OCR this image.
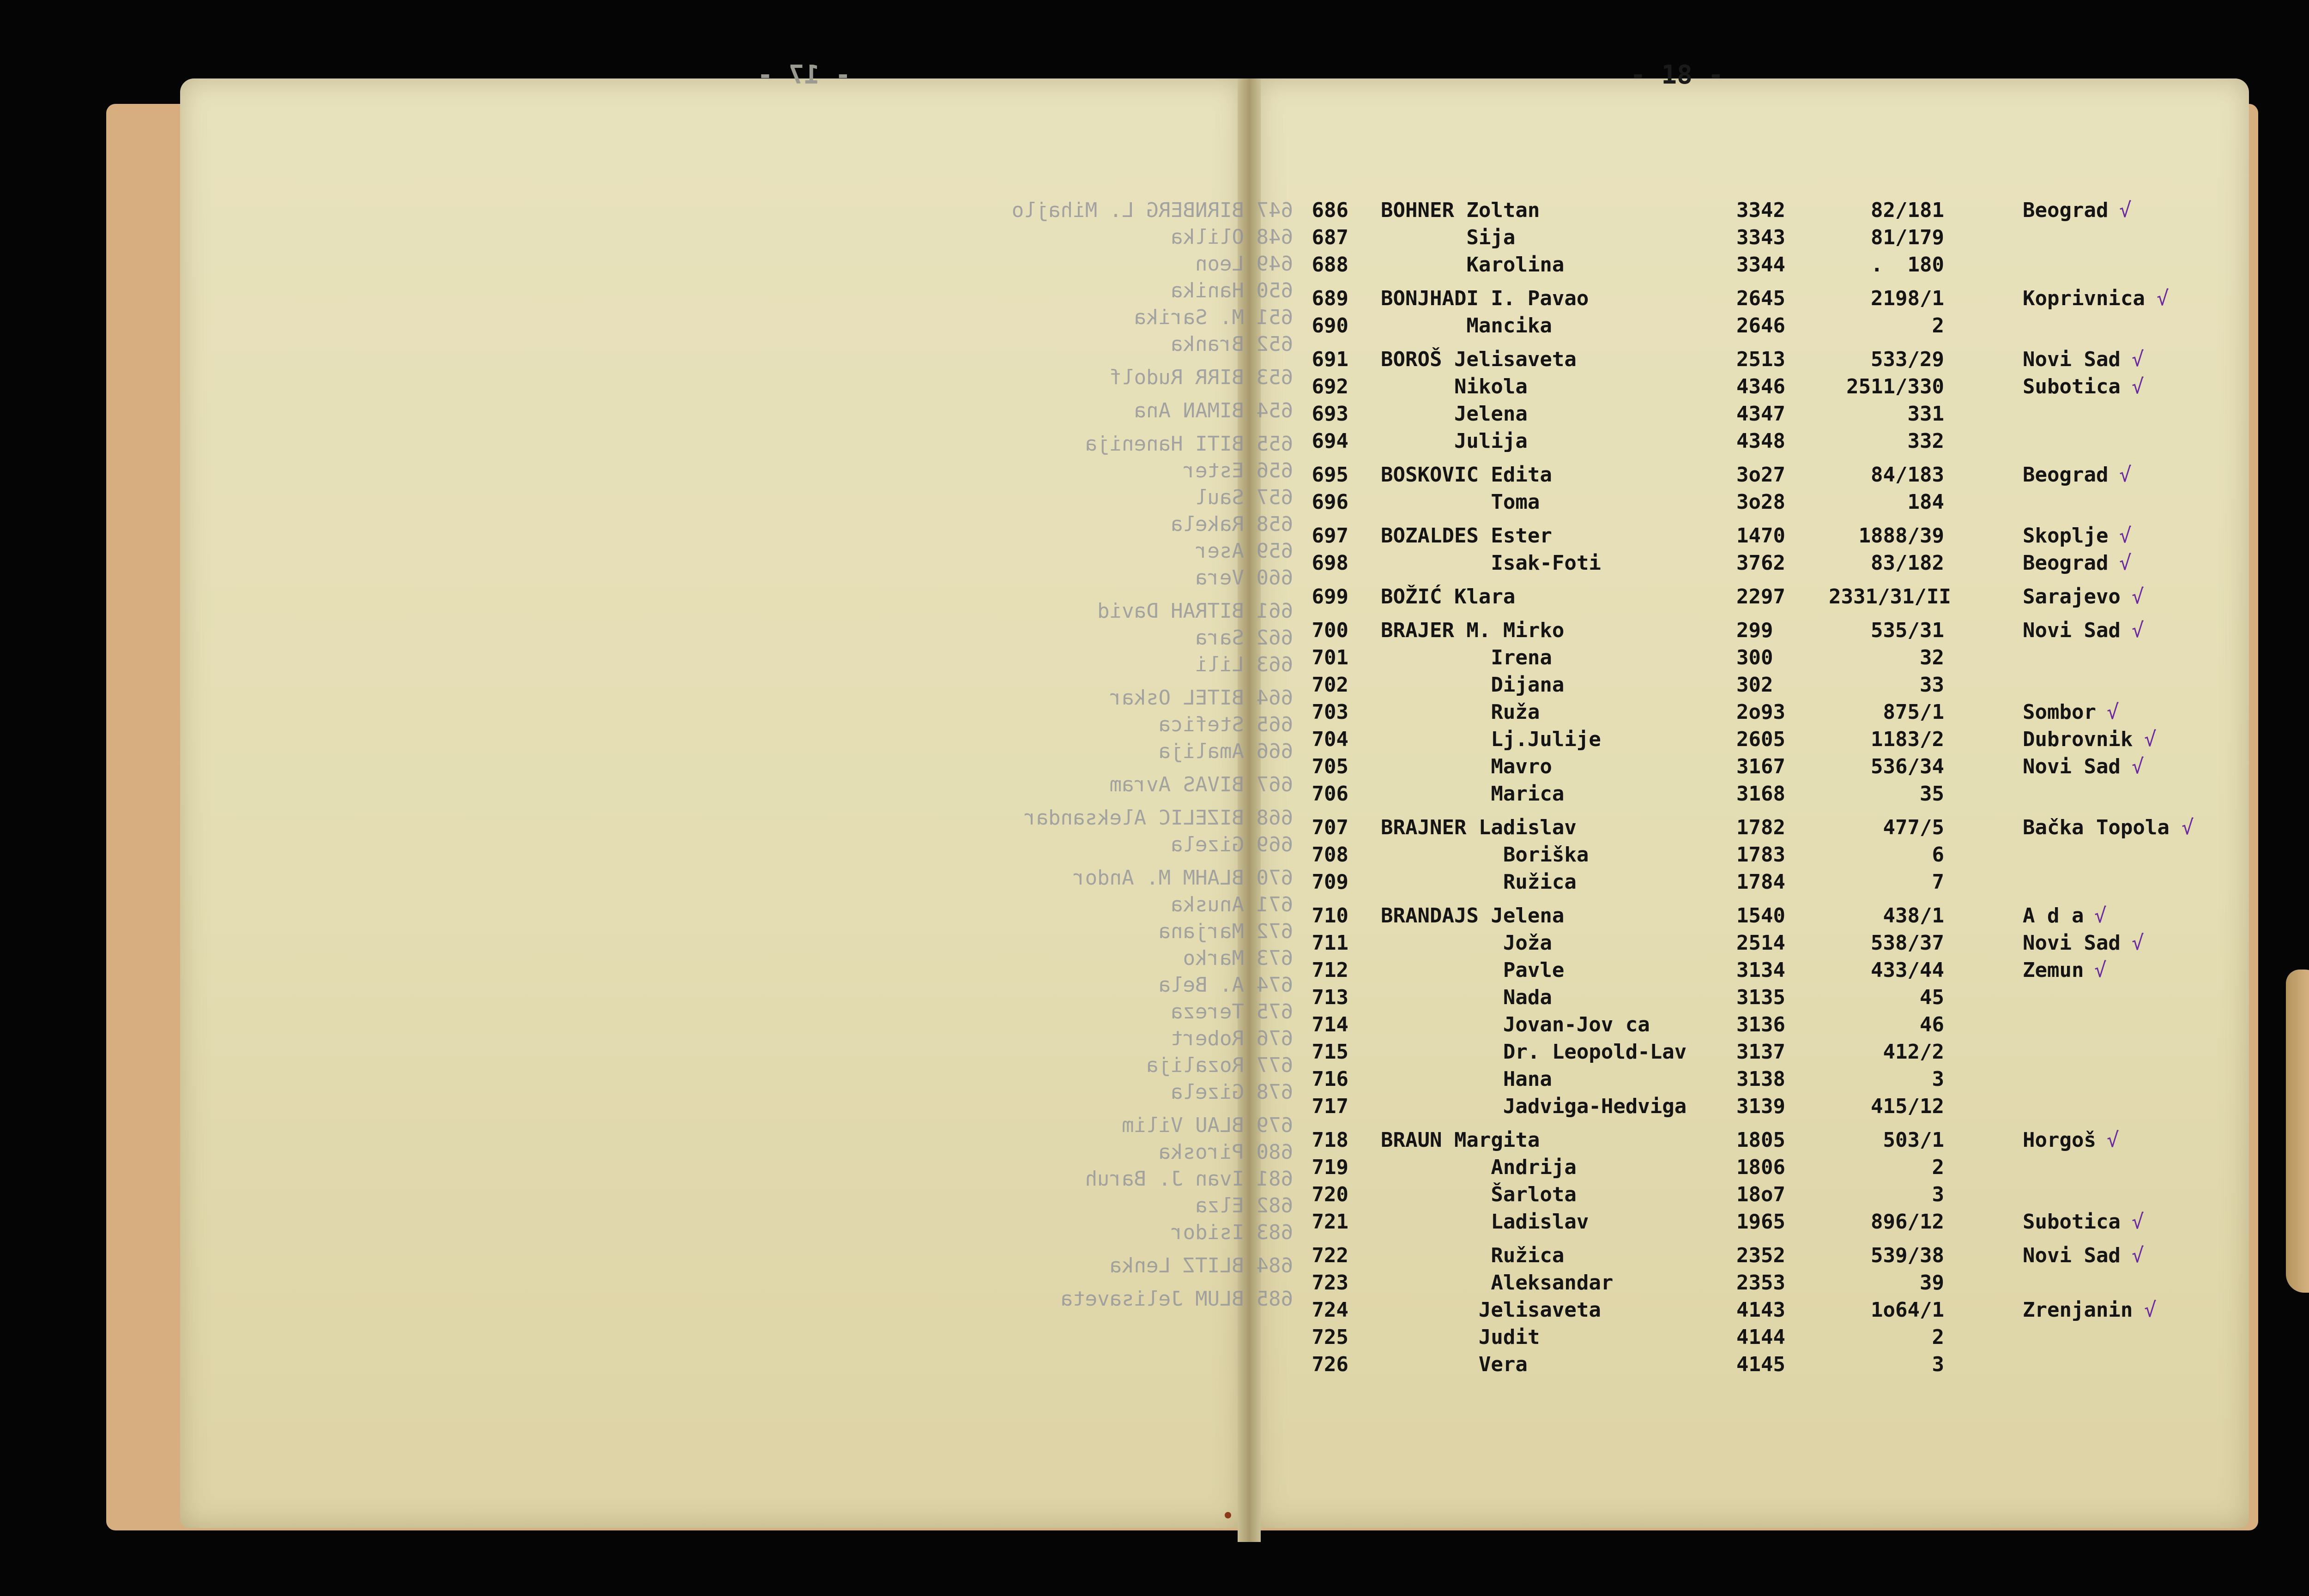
- 17 -	- 18 -
647 BIRNBERG L. Mihajlo
648 Olilka
649 Leon
650 Hanika
651 M. Sarika
652 Branka
653 BIRR Rudolf
654 BIMAN Ana
655 BITI Hanenija
656 Ester
657 Saul
658 Rakela
659 Aser
660 Vera
661 BITRAH David
662 Sara
663 Lili
664 BITEL Oskar
665 Stefica
666 Amalija
667 BIVAS Avram
668 BIZELIC Aleksandar
669 Gizela
670 BLAHM M. Andor
671 Anuska
672 Marjana
673 Marko
674 A. Bela
675 Tereza
676 Robert
677 Rozalija
678 Gizela
679 BLAU Vilim
680 Piroska
681 Ivan J. Baruh
682 Elza
683 Isidor
684 BLITZ Lenka
685 BLUM Jelisaveta
686 BOHNER Zoltan	3342	82/181	Beograd √
687 Sija	3343	81/179
688 Karolina	3344	.  180
689 BONJHADI I. Pavao	2645	2198/1	Koprivnica √
690 Mancika	2646	2
691 BOROŠ Jelisaveta	2513	533/29	Novi Sad √
692 Nikola	4346	2511/330	Subotica √
693 Jelena	4347	331
694 Julija	4348	332
695 BOSKOVIC Edita	3o27	84/183	Beograd √
696 Toma	3o28	184
697 BOZALDES Ester	1470	1888/39	Skoplje √
698 Isak-Foti	3762	83/182	Beograd √
699 BOŽIĆ Klara	2297	2331/31/II	Sarajevo √
700 BRAJER M. Mirko	299	535/31	Novi Sad √
701 Irena	300	32
702 Dijana	302	33
703 Ruža	2o93	875/1	Sombor √
704 Lj.Julije	2605	1183/2	Dubrovnik √
705 Mavro	3167	536/34	Novi Sad √
706 Marica	3168	35
707 BRAJNER Ladislav	1782	477/5	Bačka Topola √
708 Boriška	1783	6
709 Ružica	1784	7
710 BRANDAJS Jelena	1540	438/1	A d a √
711 Joža	2514	538/37	Novi Sad √
712 Pavle	3134	433/44	Zemun √
713 Nada	3135	45
714 Jovan-Jov ca	3136	46
715 Dr. Leopold-Lav 3137	412/2
716 Hana	3138	3
717 Jadviga-Hedviga 3139	415/12
718 BRAUN Margita	1805	503/1	Horgoš √
719 Andrija	1806	2
720 Šarlota	18o7	3
721 Ladislav	1965	896/12	Subotica √
722 Ružica	2352	539/38	Novi Sad √
723 Aleksandar	2353	39
724 Jelisaveta	4143	1o64/1	Zrenjanin √
725 Judit	4144	2
726 Vera	4145	3
